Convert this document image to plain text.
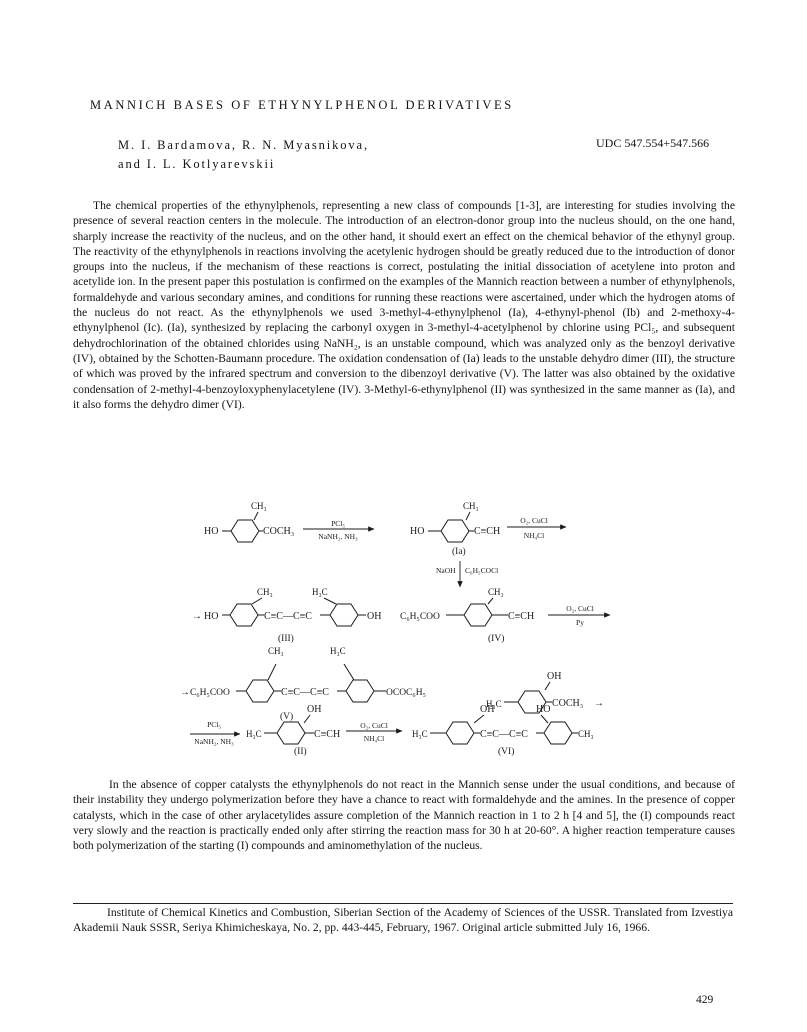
MANNICH BASES OF ETHYNYLPHENOL DERIVATIVES
M. I. Bardamova, R. N. Myasnikova,
and I. L. Kotlyarevskii
UDC 547.554+547.566
The chemical properties of the ethynylphenols, representing a new class of compounds [1-3], are interesting for studies involving the presence of several reaction centers in the molecule. The introduction of an electron-donor group into the nucleus should, on the one hand, sharply increase the reactivity of the nucleus, and on the other hand, it should exert an effect on the chemical behavior of the ethynyl group. The reactivity of the ethynylphenols in reactions involving the acetylenic hydrogen should be greatly reduced due to the introduction of donor groups into the nucleus, if the mechanism of these reactions is correct, postulating the initial dissociation of acetylene into proton and acetylide ion. In the present paper this postulation is confirmed on the examples of the Mannich reaction between a number of ethynylphenols, formaldehyde and various secondary amines, and conditions for running these reactions were ascertained, under which the hydrogen atoms of the nucleus do not react. As the ethynylphenols we used 3-methyl-4-ethynylphenol (Ia), 4-ethynyl-phenol (Ib) and 2-methoxy-4-ethynylphenol (Ic). (Ia), synthesized by replacing the carbonyl oxygen in 3-methyl-4-acetylphenol by chlorine using PCl₅, and subsequent dehydrochlorination of the obtained chlorides using NaNH₂, is an unstable compound, which was analyzed only as the benzoyl derivative (IV), obtained by the Schotten-Baumann procedure. The oxidation condensation of (Ia) leads to the unstable dehydro dimer (III), the structure of which was proved by the infrared spectrum and conversion to the dibenzoyl derivative (V). The latter was also obtained by the oxidative condensation of 2-methyl-4-benzoyloxyphenylacetylene (IV). 3-Methyl-6-ethynylphenol (II) was synthesized in the same manner as (Ia), and it also forms the dehydro dimer (VI).
CH₃
HO	COCH₃
PCl₅
NaNH₂, NH₃
CH₃
HO	C≡CH
O₂, CuCl
NH₄Cl
(Ia)
NaOH C₆H₅COCl
→ HO
CH₃
C≡C—C≡C
H₃C
OH
(III)
CH₃
C₆H₅COO	C≡CH
O₂, CuCl
Py
(IV)
→ C₆H₅COO
CH₃
C≡C—C≡C
H₃C
OCOC₆H₅
(V)
OH
H₃C	COCH₃ →
PCl₅
NaNH₂, NH₃
H₃C
OH
C≡CH
O₂, CuCl
NH₄Cl
(II)
H₃C
OH
C≡C—C≡C
HO
CH₃
(VI)
In the absence of copper catalysts the ethynylphenols do not react in the Mannich sense under the usual conditions, and because of their instability they undergo polymerization before they have a chance to react with formaldehyde and the amines. In the presence of copper catalysts, which in the case of other arylacetylides assure completion of the Mannich reaction in 1 to 2 h [4 and 5], the (I) compounds react very slowly and the reaction is practically ended only after stirring the reaction mass for 30 h at 20-60°. A higher reaction temperature causes both polymerization of the starting (I) compounds and aminomethylation of the nucleus.
Institute of Chemical Kinetics and Combustion, Siberian Section of the Academy of Sciences of the USSR. Translated from Izvestiya Akademii Nauk SSSR, Seriya Khimicheskaya, No. 2, pp. 443-445, February, 1967. Original article submitted July 16, 1966.
429
